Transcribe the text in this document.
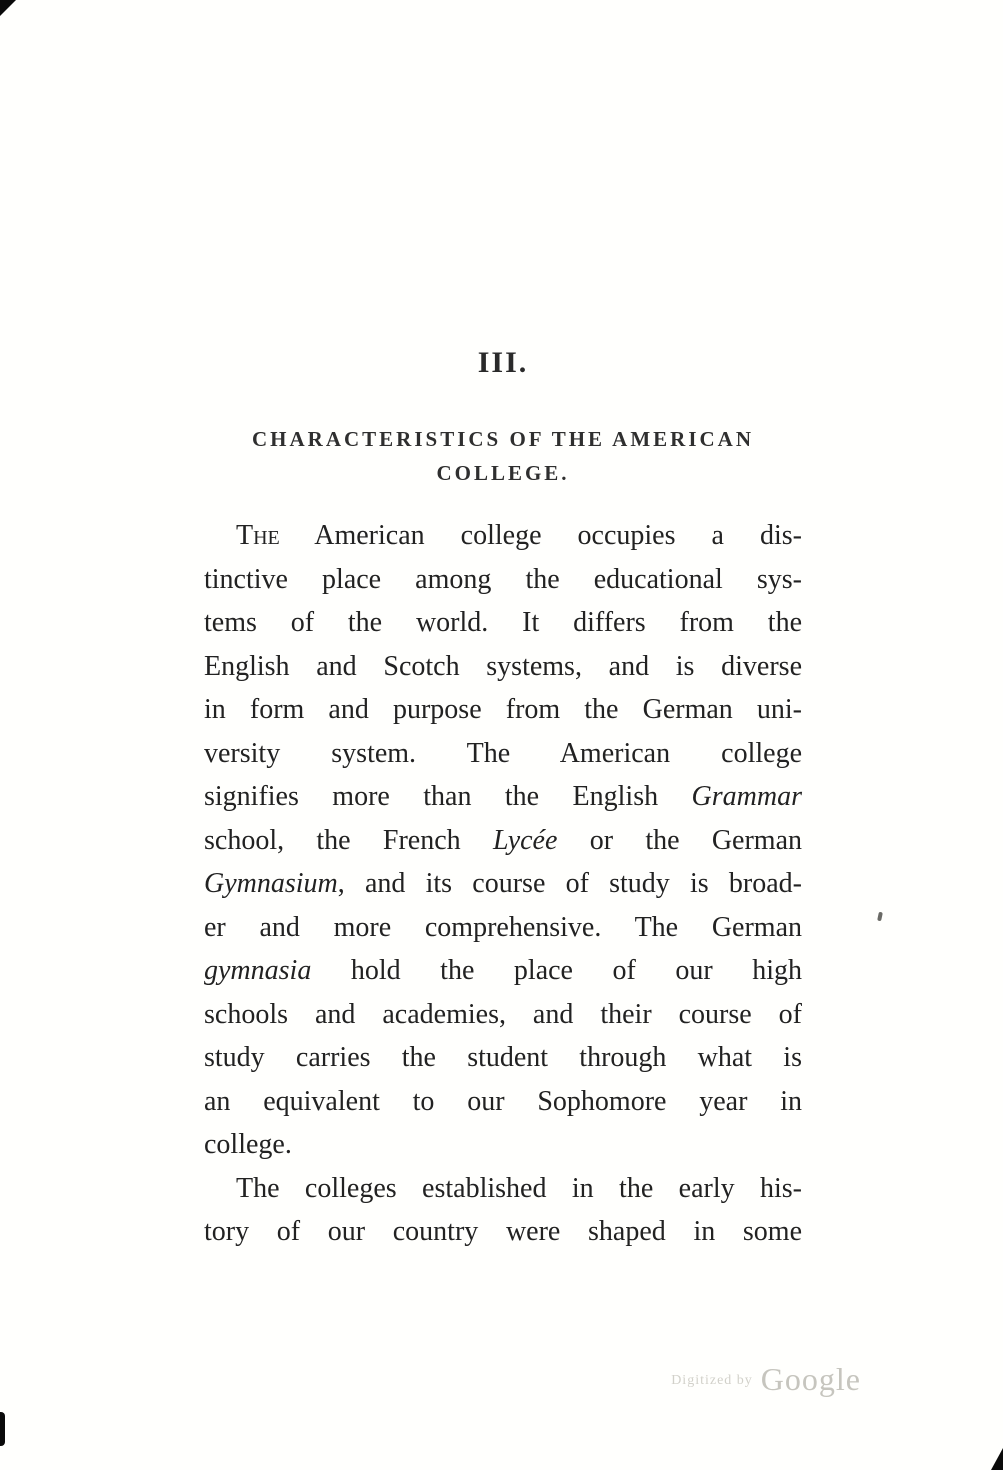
III.
CHARACTERISTICS OF THE AMERICAN
COLLEGE.
The American college occupies a dis-
tinctive place among the educational sys-
tems of the world. It differs from the
English and Scotch systems, and is diverse
in form and purpose from the German uni-
versity system. The American college
signifies more than the English Grammar
school, the French Lycée or the German
Gymnasium, and its course of study is broad-
er and more comprehensive. The German
gymnasia hold the place of our high
schools and academies, and their course of
study carries the student through what is
an equivalent to our Sophomore year in
college.
The colleges established in the early his-
tory of our country were shaped in some
Digitized by Google
